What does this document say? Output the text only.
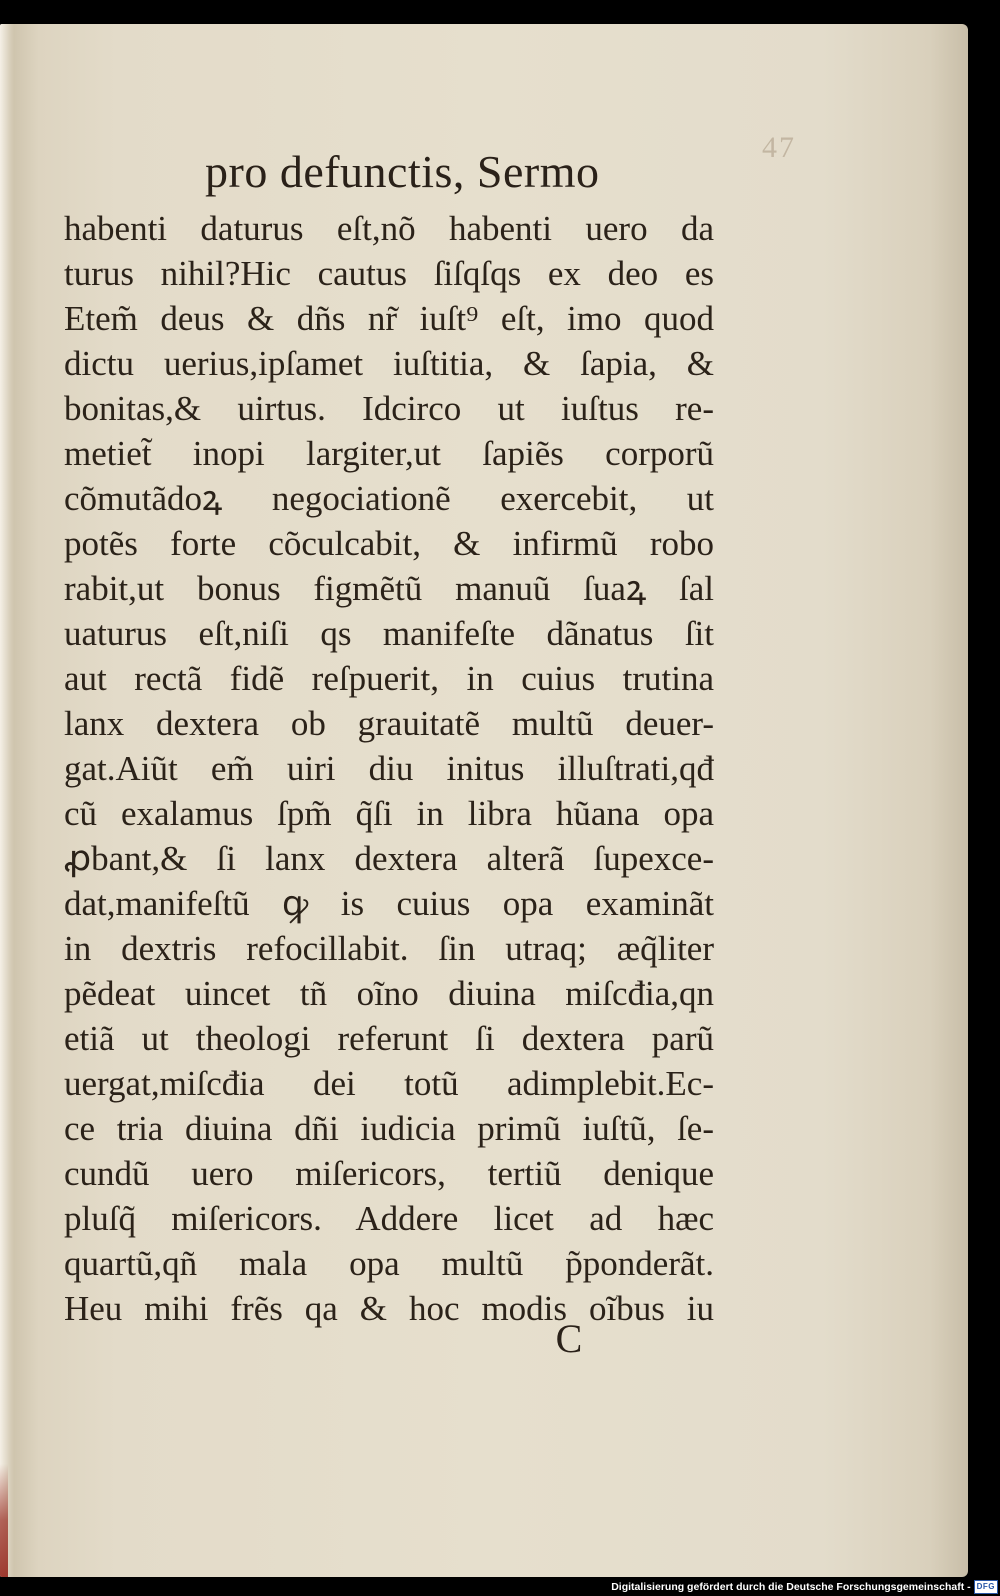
pro defunctis, Sermo	47
habenti daturus eſt,nõ habenti uero da
turus nihil?Hic cautus ſiſqſqs ex deo es
Etem̃ deus & dñs nr̃ iuſt⁹ eſt, imo quod
dictu uerius,ipſamet iuſtitia, & ſapia, &
bonitas,& uirtus. Idcirco ut iuſtus re-
metiet̃ inopi largiter,ut ſapiẽs corporũ
cõmutãdoꝝ negociationẽ exercebit, ut
potẽs forte cõculcabit, & infirmũ robo
rabit,ut bonus figmẽtũ manuũ ſuaꝝ ſal
uaturus eſt,niſi qs manifeſte dãnatus ſit
aut rectã fidẽ reſpuerit, in cuius trutina
lanx dextera ob grauitatẽ multũ deuer-
gat.Aiũt em̃ uiri diu initus illuſtrati,qđ
cũ exalamus ſpm̃ q̃ſi in libra hũana opa
ꝓbant,& ſi lanx dextera alterã ſupexce-
dat,manifeſtũ ꝙ is cuius opa examinãt
in dextris refocillabit. ſin utraq; æq̃liter
pẽdeat uincet tñ oĩno diuina miſcđia,qn
etiã ut theologi referunt ſi dextera parũ
uergat,miſcđia dei totũ adimplebit.Ec-
ce tria diuina dñi iudicia primũ iuſtũ, ſe-
cundũ uero miſericors, tertiũ denique
pluſq̃ miſericors. Addere licet ad hæc
quartũ,qñ mala opa multũ p̃ponderãt.
Heu mihi frẽs qa & hoc modis oĩbus iu
C
Digitalisierung gefördert durch die Deutsche Forschungsgemeinschaft - DFG
